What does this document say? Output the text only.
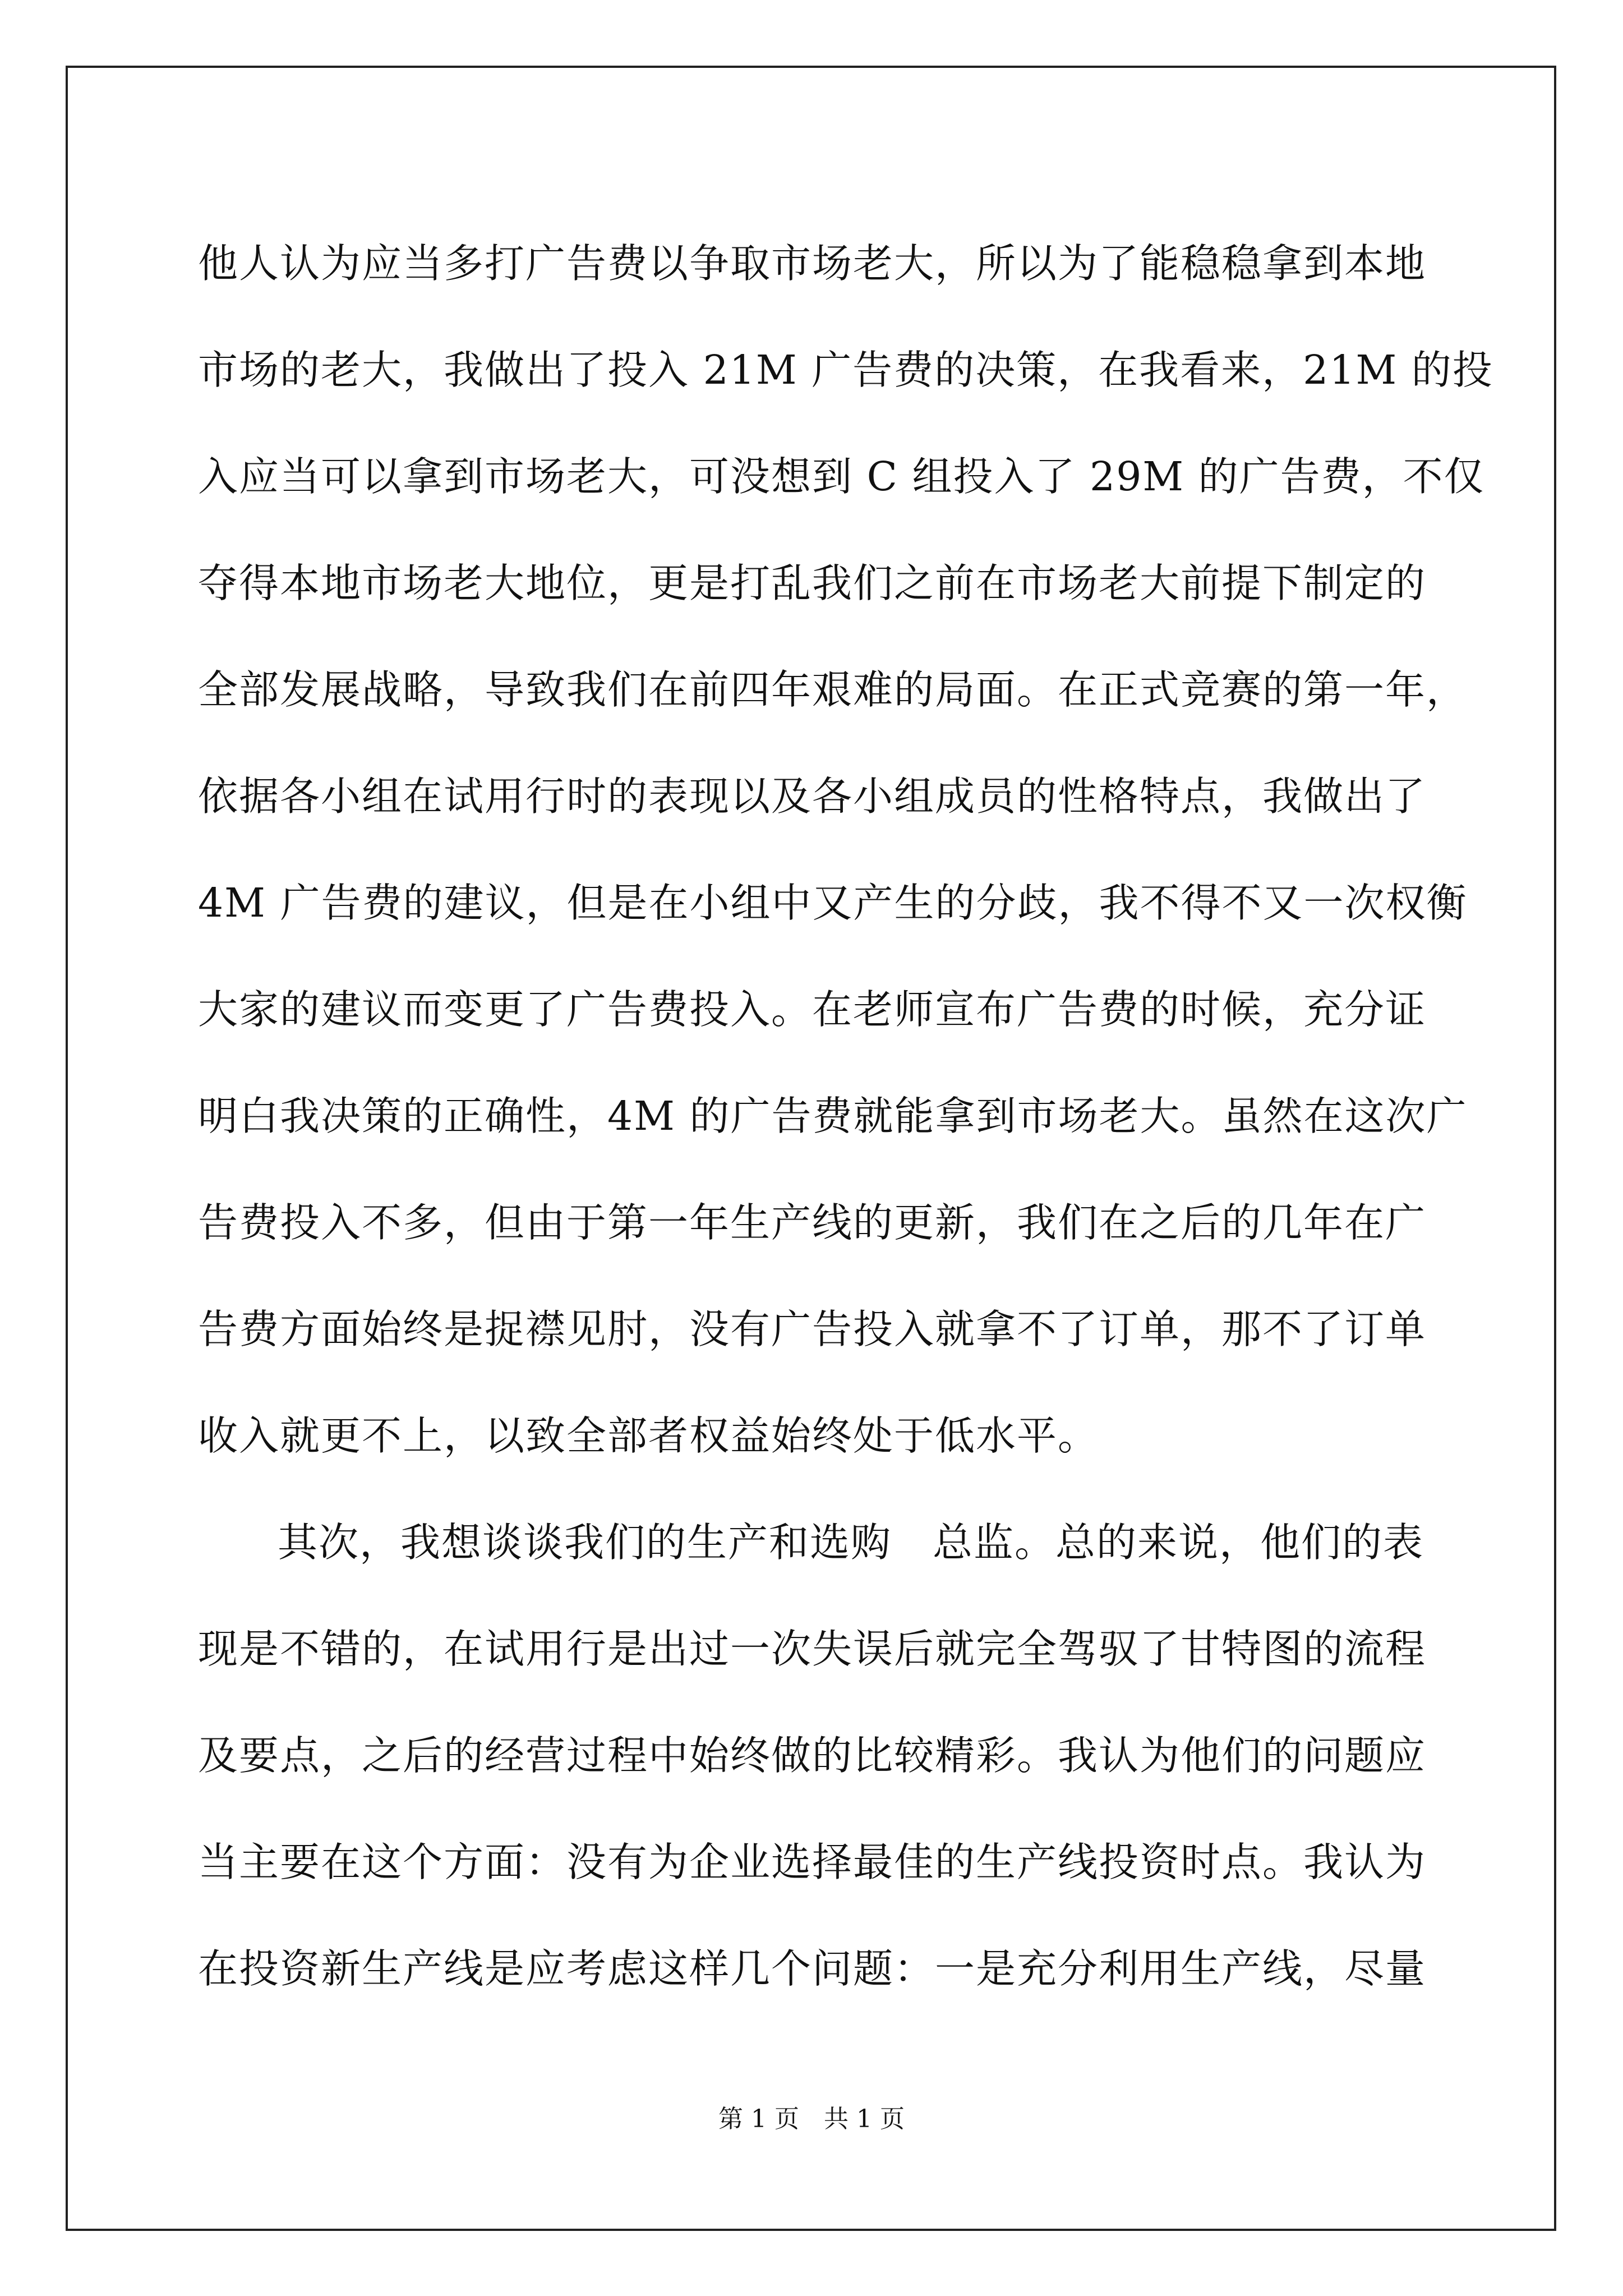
他人认为应当多打广告费以争取市场老大，所以为了能稳稳拿到本地
市场的老大，我做出了投入 21M 广告费的决策，在我看来，21M 的投
入应当可以拿到市场老大，可没想到 C 组投入了 29M 的广告费，不仅
夺得本地市场老大地位，更是打乱我们之前在市场老大前提下制定的
全部发展战略，导致我们在前四年艰难的局面。在正式竞赛的第一年，
依据各小组在试用行时的表现以及各小组成员的性格特点，我做出了
4M 广告费的建议，但是在小组中又产生的分歧，我不得不又一次权衡
大家的建议而变更了广告费投入。在老师宣布广告费的时候，充分证
明白我决策的正确性，4M 的广告费就能拿到市场老大。虽然在这次广
告费投入不多，但由于第一年生产线的更新，我们在之后的几年在广
告费方面始终是捉襟见肘，没有广告投入就拿不了订单，那不了订单
收入就更不上，以致全部者权益始终处于低水平。
其次，我想谈谈我们的生产和选购　总监。总的来说，他们的表
现是不错的，在试用行是出过一次失误后就完全驾驭了甘特图的流程
及要点，之后的经营过程中始终做的比较精彩。我认为他们的问题应
当主要在这个方面：没有为企业选择最佳的生产线投资时点。我认为
在投资新生产线是应考虑这样几个问题：一是充分利用生产线，尽量
第 1 页　共 1 页
